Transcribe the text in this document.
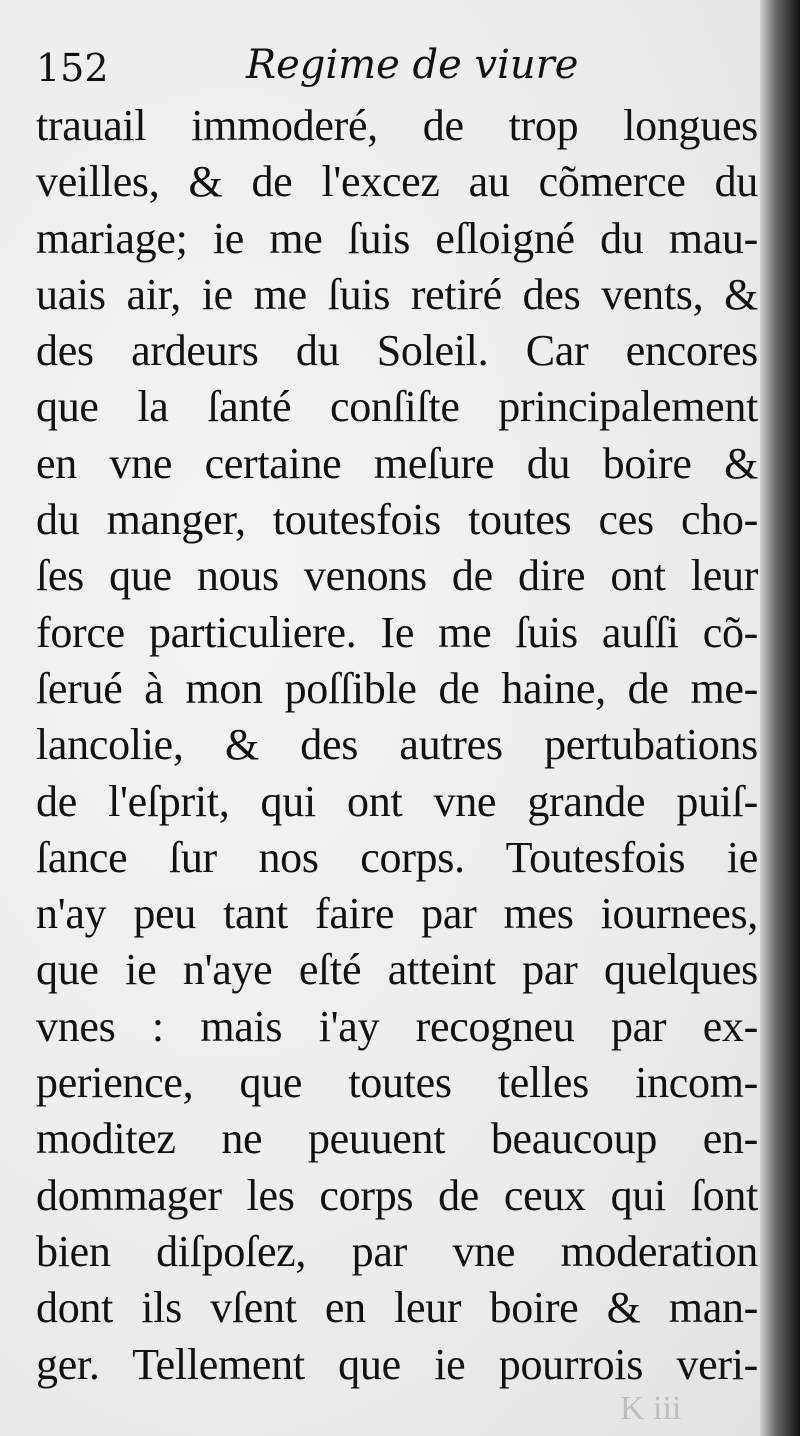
152	Regime de viure
trauail immoderé, de trop longues
veilles, & de l'excez au cõmerce du
mariage; ie me ſuis eſloigné du mau-
uais air, ie me ſuis retiré des vents, &
des ardeurs du Soleil. Car encores
que la ſanté conſiſte principalement
en vne certaine meſure du boire &
du manger, toutesfois toutes ces cho-
ſes que nous venons de dire ont leur
force particuliere. Ie me ſuis auſſi cõ-
ſerué à mon poſſible de haine, de me-
lancolie, & des autres pertubations
de l'eſprit, qui ont vne grande puiſ-
ſance ſur nos corps. Toutesfois ie
n'ay peu tant faire par mes iournees,
que ie n'aye eſté atteint par quelques
vnes : mais i'ay recogneu par ex-
perience, que toutes telles incom-
moditez ne peuuent beaucoup en-
dommager les corps de ceux qui ſont
bien diſpoſez, par vne moderation
dont ils vſent en leur boire & man-
ger. Tellement que ie pourrois veri-
K iii
